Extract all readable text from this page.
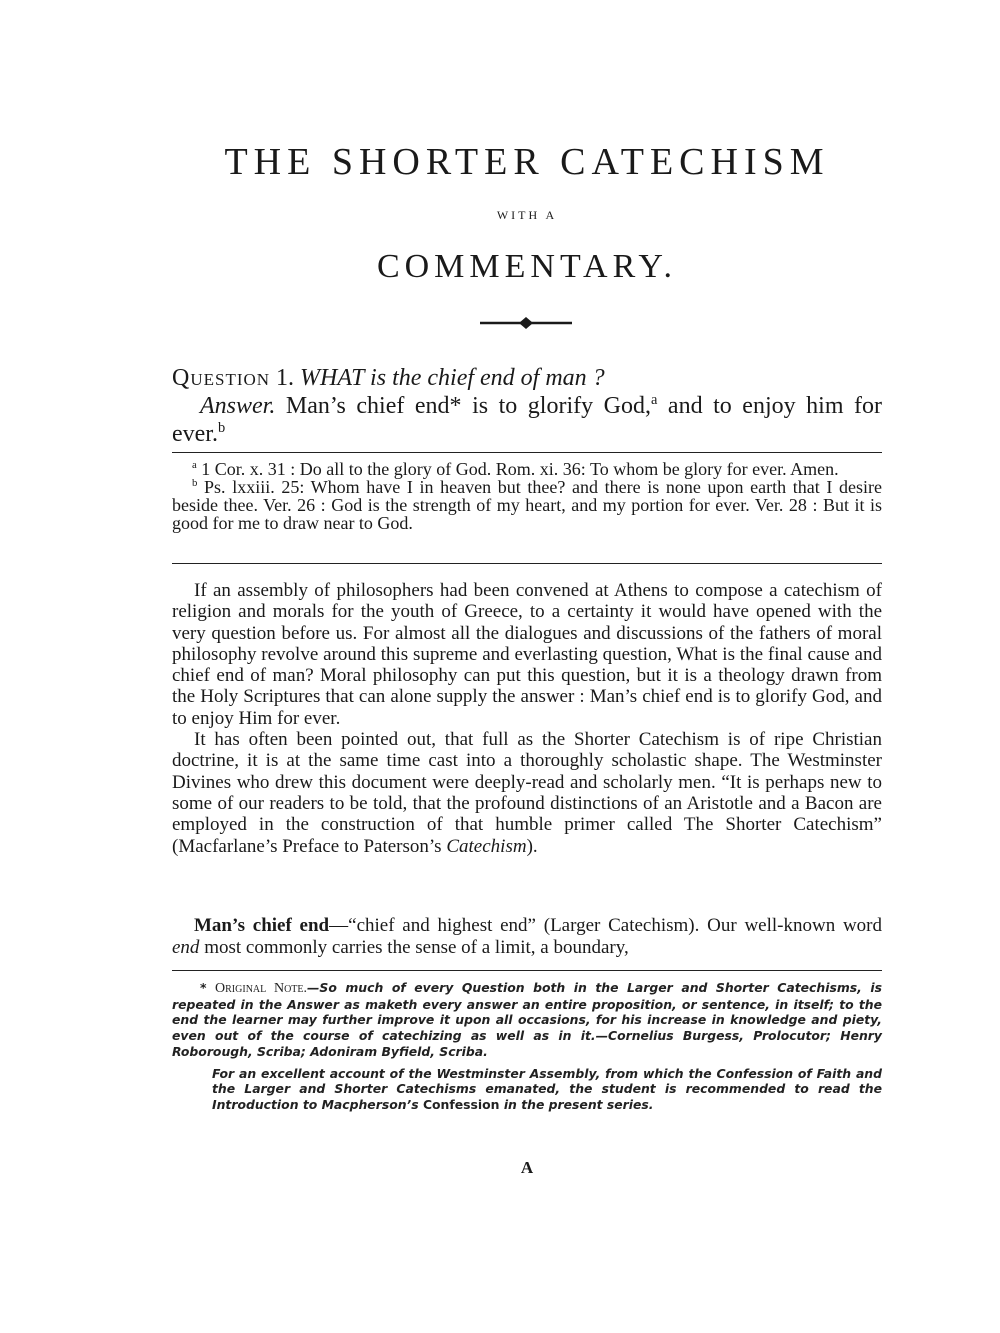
THE SHORTER CATECHISM
WITH A
COMMENTARY.
Question 1. WHAT is the chief end of man ?
Answer. Man’s chief end* is to glorify God,$^a$ and to enjoy him for ever.$^b$

$^a$ 1 Cor. x. 31 : Do all to the glory of God. Rom. xi. 36: To whom be glory for ever. Amen.

$^b$ Ps. lxxiii. 25: Whom have I in heaven but thee? and there is none upon earth that I desire beside thee. Ver. 26 : God is the strength of my heart, and my portion for ever. Ver. 28 : But it is good for me to draw near to God.

If an assembly of philosophers had been convened at Athens to compose a catechism of religion and morals for the youth of Greece, to a certainty it would have opened with the very question before us. For almost all the dialogues and discussions of the fathers of moral philosophy revolve around this supreme and everlasting question, What is the final cause and chief end of man? Moral philosophy can put this question, but it is a theology drawn from the Holy Scriptures that can alone supply the answer : Man’s chief end is to glorify God, and to enjoy Him for ever.

It has often been pointed out, that full as the Shorter Catechism is of ripe Christian doctrine, it is at the same time cast into a thoroughly scholastic shape. The Westminster Divines who drew this document were deeply-read and scholarly men. “It is perhaps new to some of our readers to be told, that the profound distinctions of an Aristotle and a Bacon are employed in the construction of that humble primer called The Shorter Catechism” (Macfarlane’s Preface to Paterson’s Catechism).

Man’s chief end—“chief and highest end” (Larger Catechism). Our well-known word end most commonly carries the sense of a limit, a boundary,

* Original Note.—So much of every Question both in the Larger and Shorter Catechisms, is repeated in the Answer as maketh every answer an entire proposition, or sentence, in itself; to the end the learner may further improve it upon all occasions, for his increase in knowledge and piety, even out of the course of catechizing as well as in it.—Cornelius Burgess, Prolocutor; Henry Roborough, Scriba; Adoniram Byfield, Scriba.

For an excellent account of the Westminster Assembly, from which the Confession of Faith and the Larger and Shorter Catechisms emanated, the student is recommended to read the Introduction to Macpherson’s Confession in the present series.

A
